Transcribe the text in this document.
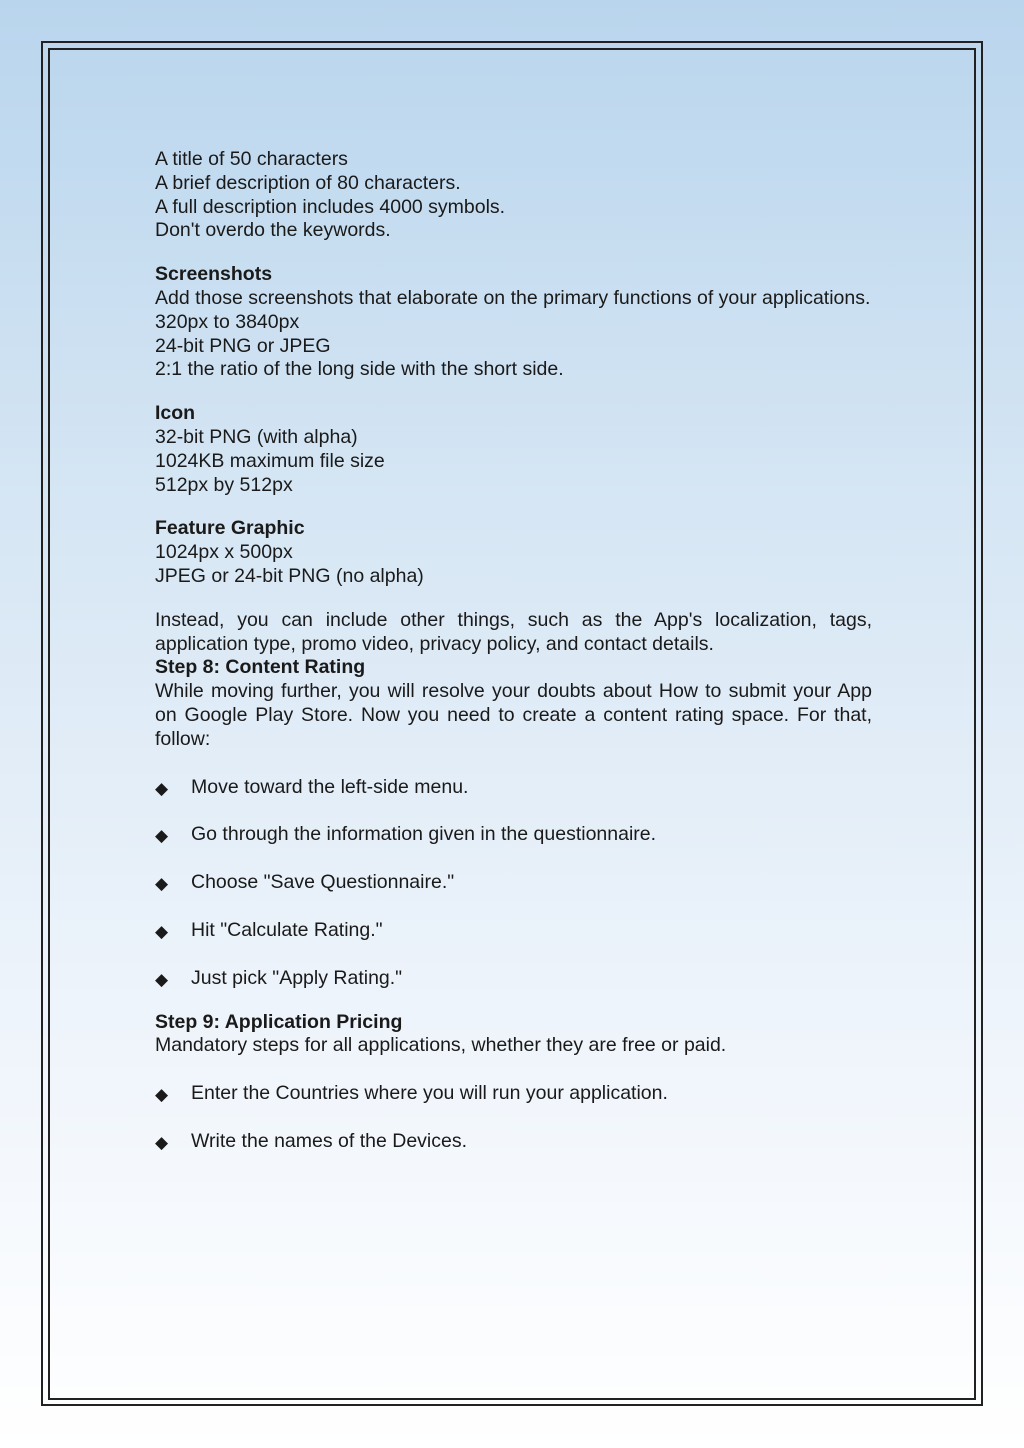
A title of 50 characters

A brief description of 80 characters.

A full description includes 4000 symbols.

Don't overdo the keywords.

Screenshots

Add those screenshots that elaborate on the primary functions of your applications.

320px to 3840px

24-bit PNG or JPEG

2:1 the ratio of the long side with the short side.

Icon

32-bit PNG (with alpha)

1024KB maximum file size

512px by 512px

Feature Graphic

1024px x 500px

JPEG or 24-bit PNG (no alpha)

Instead, you can include other things, such as the App's localization, tags, application type, promo video, privacy policy, and contact details.

Step 8: Content Rating

While moving further, you will resolve your doubts about How to submit your App on Google Play Store. Now you need to create a content rating space. For that, follow:

◆ Move toward the left-side menu.
◆ Go through the information given in the questionnaire.
◆ Choose "Save Questionnaire."
◆ Hit "Calculate Rating."
◆ Just pick "Apply Rating."

Step 9: Application Pricing

Mandatory steps for all applications, whether they are free or paid.

◆ Enter the Countries where you will run your application.
◆ Write the names of the Devices.
